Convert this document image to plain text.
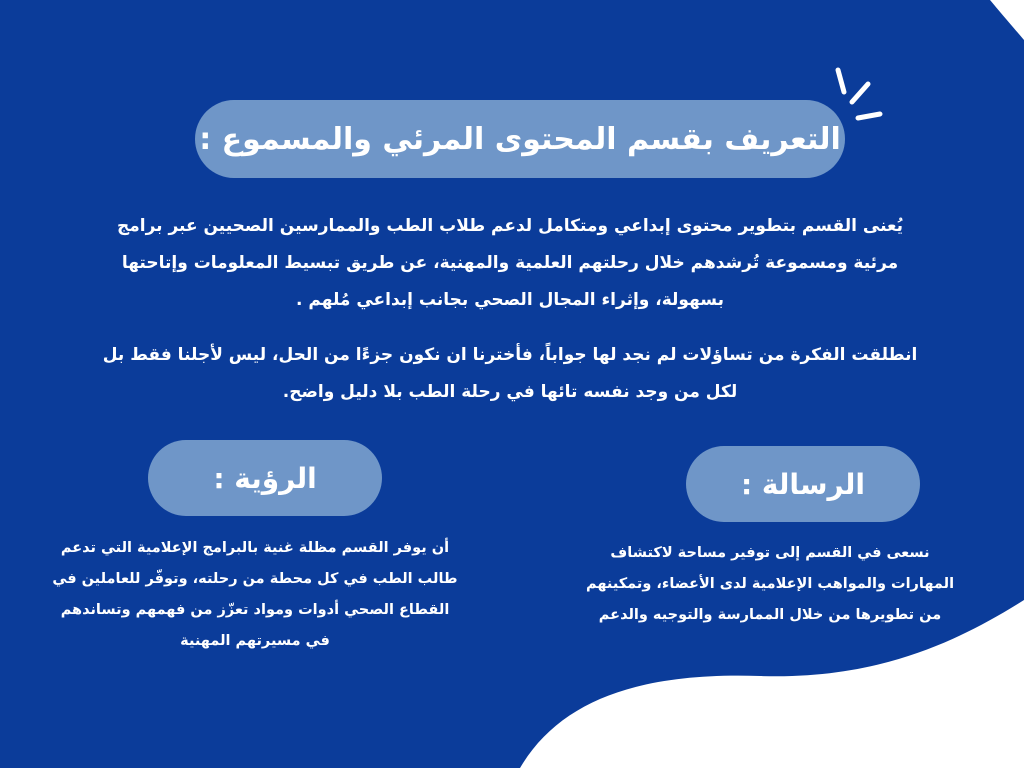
التعريف بقسم المحتوى المرئي والمسموع :
يُعنى القسم بتطوير محتوى إبداعي ومتكامل لدعم طلاب الطب والممارسين الصحيين عبر برامج
مرئية ومسموعة تُرشدهم خلال رحلتهم العلمية والمهنية، عن طريق تبسيط المعلومات وإتاحتها
بسهولة، وإثراء المجال الصحي بجانب إبداعي مُلهم .
انطلقت الفكرة من تساؤلات لم نجد لها جواباً، فأخترنا ان نكون جزءًا من الحل، ليس لأجلنا فقط بل
لكل من وجد نفسه تائها في رحلة الطب بلا دليل واضح.
الرؤية :	الرسالة :
أن يوفر القسم مظلة غنية بالبرامج الإعلامية التي تدعم
طالب الطب في كل محطة من رحلته، وتوفّر للعاملين في
القطاع الصحي أدوات ومواد تعزّز من فهمهم وتساندهم
في مسيرتهم المهنية
نسعى في القسم إلى توفير مساحة لاكتشاف
المهارات والمواهب الإعلامية لدى الأعضاء، وتمكينهم
من تطويرها من خلال الممارسة والتوجيه والدعم
